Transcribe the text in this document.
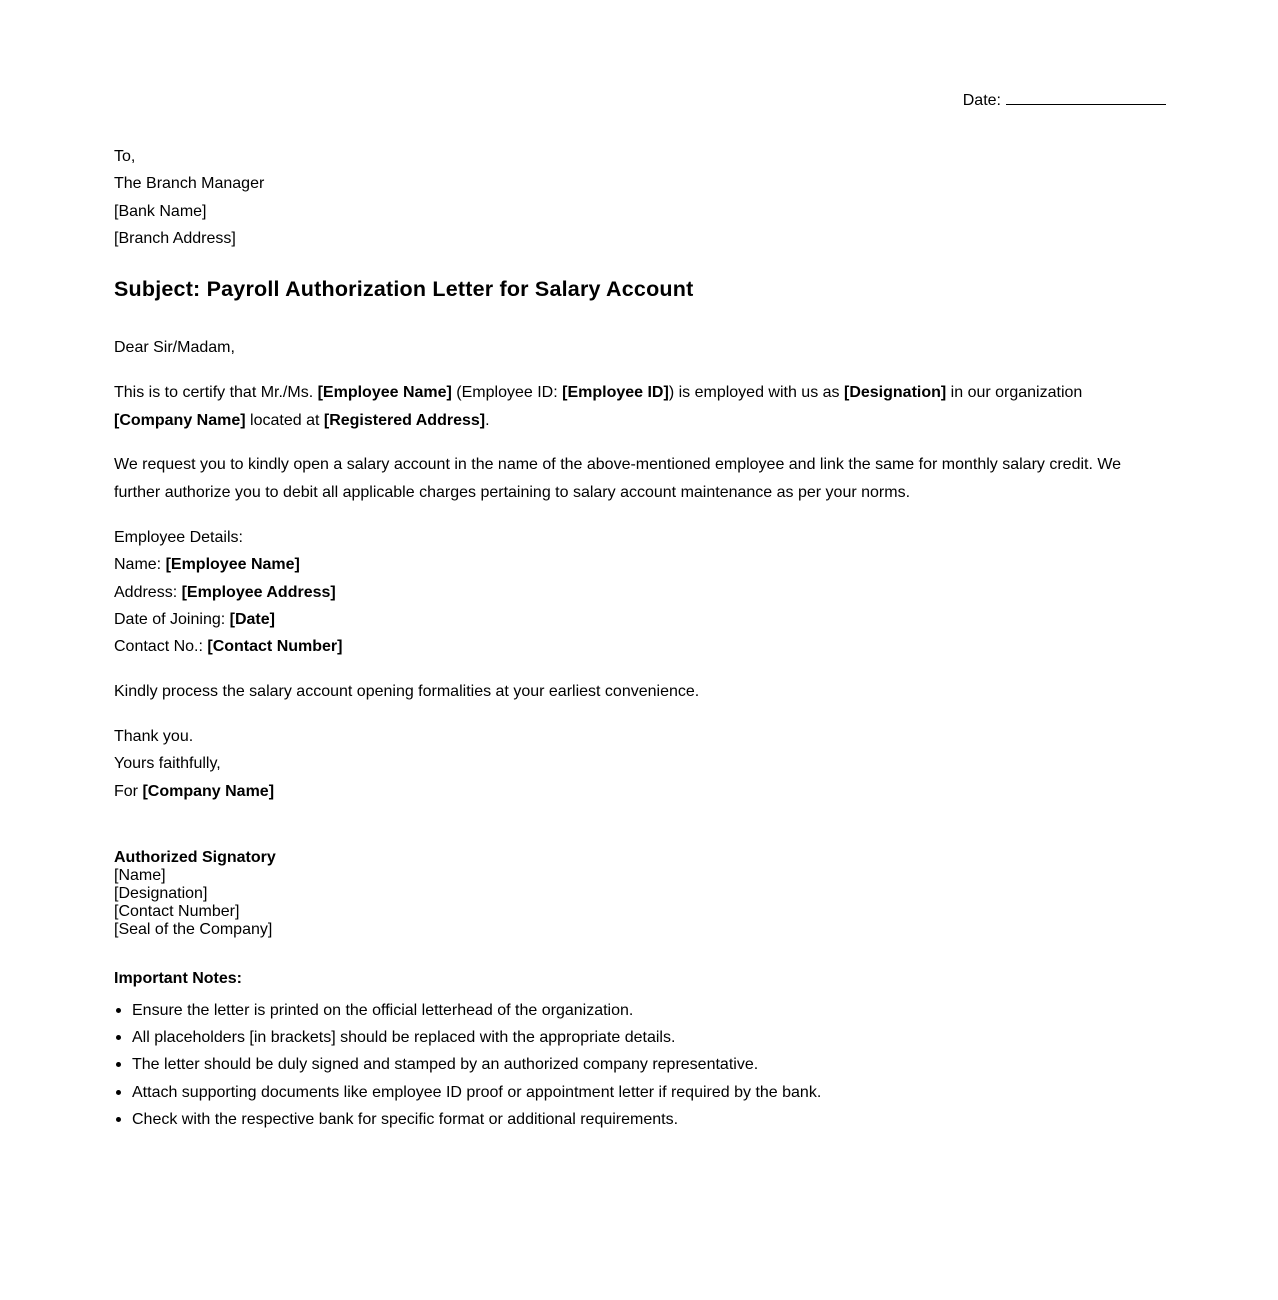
Date:
To,
The Branch Manager
[Bank Name]
[Branch Address]
Subject: Payroll Authorization Letter for Salary Account
Dear Sir/Madam,
This is to certify that Mr./Ms. [Employee Name] (Employee ID: [Employee ID]) is employed with us as [Designation] in our organization
[Company Name] located at [Registered Address].
We request you to kindly open a salary account in the name of the above-mentioned employee and link the same for monthly salary credit. We further authorize you to debit all applicable charges pertaining to salary account maintenance as per your norms.
Employee Details:
Name: [Employee Name]
Address: [Employee Address]
Date of Joining: [Date]
Contact No.: [Contact Number]
Kindly process the salary account opening formalities at your earliest convenience.
Thank you.
Yours faithfully,
For [Company Name]
Authorized Signatory
[Name]
[Designation]
[Contact Number]
[Seal of the Company]
Important Notes:
Ensure the letter is printed on the official letterhead of the organization.
All placeholders [in brackets] should be replaced with the appropriate details.
The letter should be duly signed and stamped by an authorized company representative.
Attach supporting documents like employee ID proof or appointment letter if required by the bank.
Check with the respective bank for specific format or additional requirements.
